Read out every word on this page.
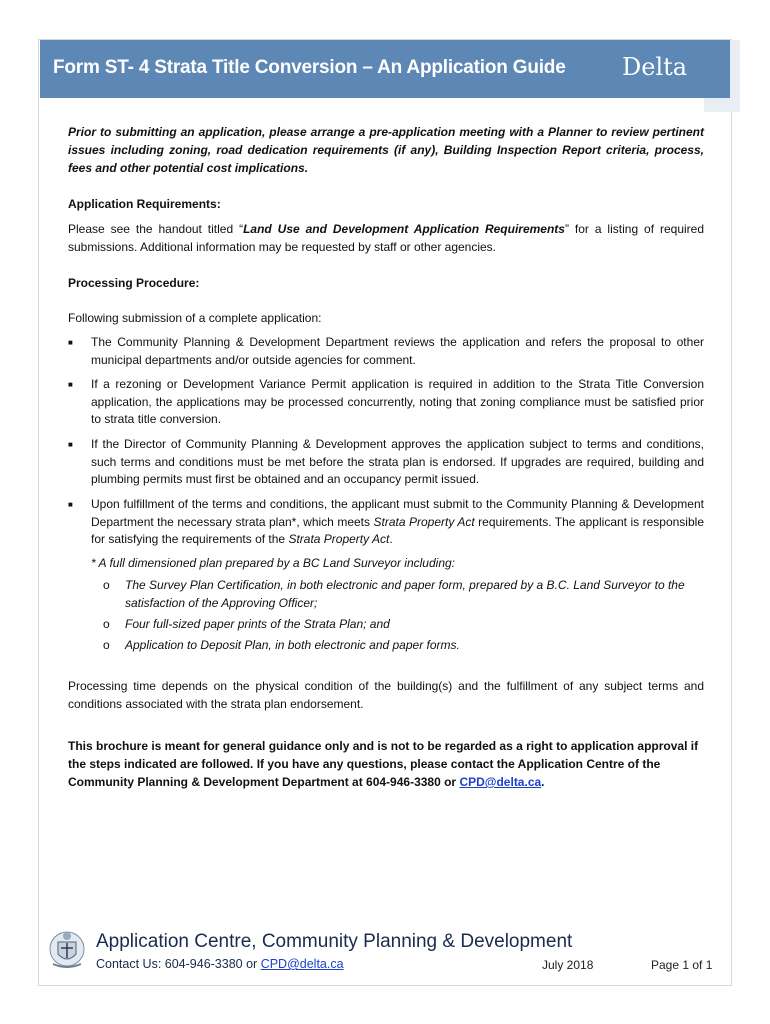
Form ST- 4 Strata Title Conversion – An Application Guide Delta
Prior to submitting an application, please arrange a pre-application meeting with a Planner to review pertinent issues including zoning, road dedication requirements (if any), Building Inspection Report criteria, process, fees and other potential cost implications.
Application Requirements:
Please see the handout titled “Land Use and Development Application Requirements” for a listing of required submissions. Additional information may be requested by staff or other agencies.
Processing Procedure:
Following submission of a complete application:
■ The Community Planning & Development Department reviews the application and refers the proposal to other municipal departments and/or outside agencies for comment.
■ If a rezoning or Development Variance Permit application is required in addition to the Strata Title Conversion application, the applications may be processed concurrently, noting that zoning compliance must be satisfied prior to strata title conversion.
■ If the Director of Community Planning & Development approves the application subject to terms and conditions, such terms and conditions must be met before the strata plan is endorsed. If upgrades are required, building and plumbing permits must first be obtained and an occupancy permit issued.
■ Upon fulfillment of the terms and conditions, the applicant must submit to the Community Planning & Development Department the necessary strata plan*, which meets Strata Property Act requirements. The applicant is responsible for satisfying the requirements of the Strata Property Act.
* A full dimensioned plan prepared by a BC Land Surveyor including:
o The Survey Plan Certification, in both electronic and paper form, prepared by a B.C. Land Surveyor to the satisfaction of the Approving Officer;
o Four full-sized paper prints of the Strata Plan; and
o Application to Deposit Plan, in both electronic and paper forms.
Processing time depends on the physical condition of the building(s) and the fulfillment of any subject terms and conditions associated with the strata plan endorsement.
This brochure is meant for general guidance only and is not to be regarded as a right to application approval if the steps indicated are followed. If you have any questions, please contact the Application Centre of the Community Planning & Development Department at 604-946-3380 or CPD@delta.ca.
Application Centre, Community Planning & Development
Contact Us: 604-946-3380 or CPD@delta.ca	July 2018	Page 1 of 1
